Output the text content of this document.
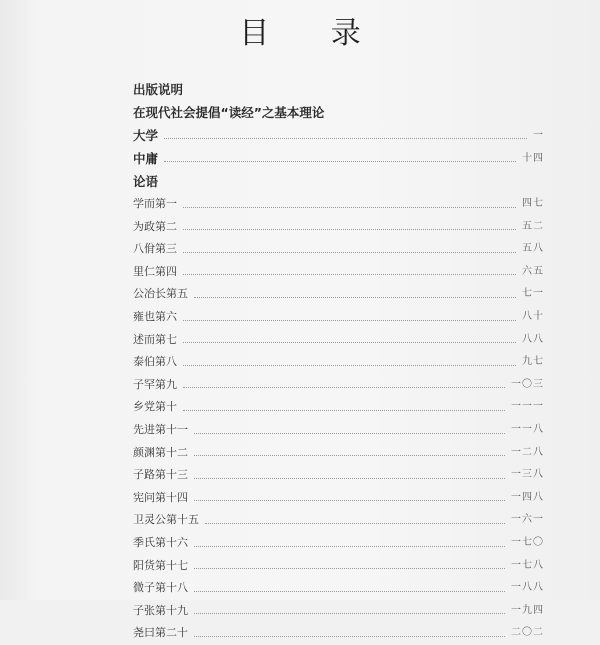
目 录
出版说明
在现代社会提倡“读经”之基本理论
大学	一
中庸	十四
论语
学而第一	四七
为政第二	五二
八佾第三	五八
里仁第四	六五
公冶长第五	七一
雍也第六	八十
述而第七	八八
泰伯第八	九七
子罕第九	一〇三
乡党第十	一一一
先进第十一	一一八
颜渊第十二	一二八
子路第十三	一三八
宪问第十四	一四八
卫灵公第十五	一六一
季氏第十六	一七〇
阳货第十七	一七八
微子第十八	一八八
子张第十九	一九四
尧曰第二十	二〇二
